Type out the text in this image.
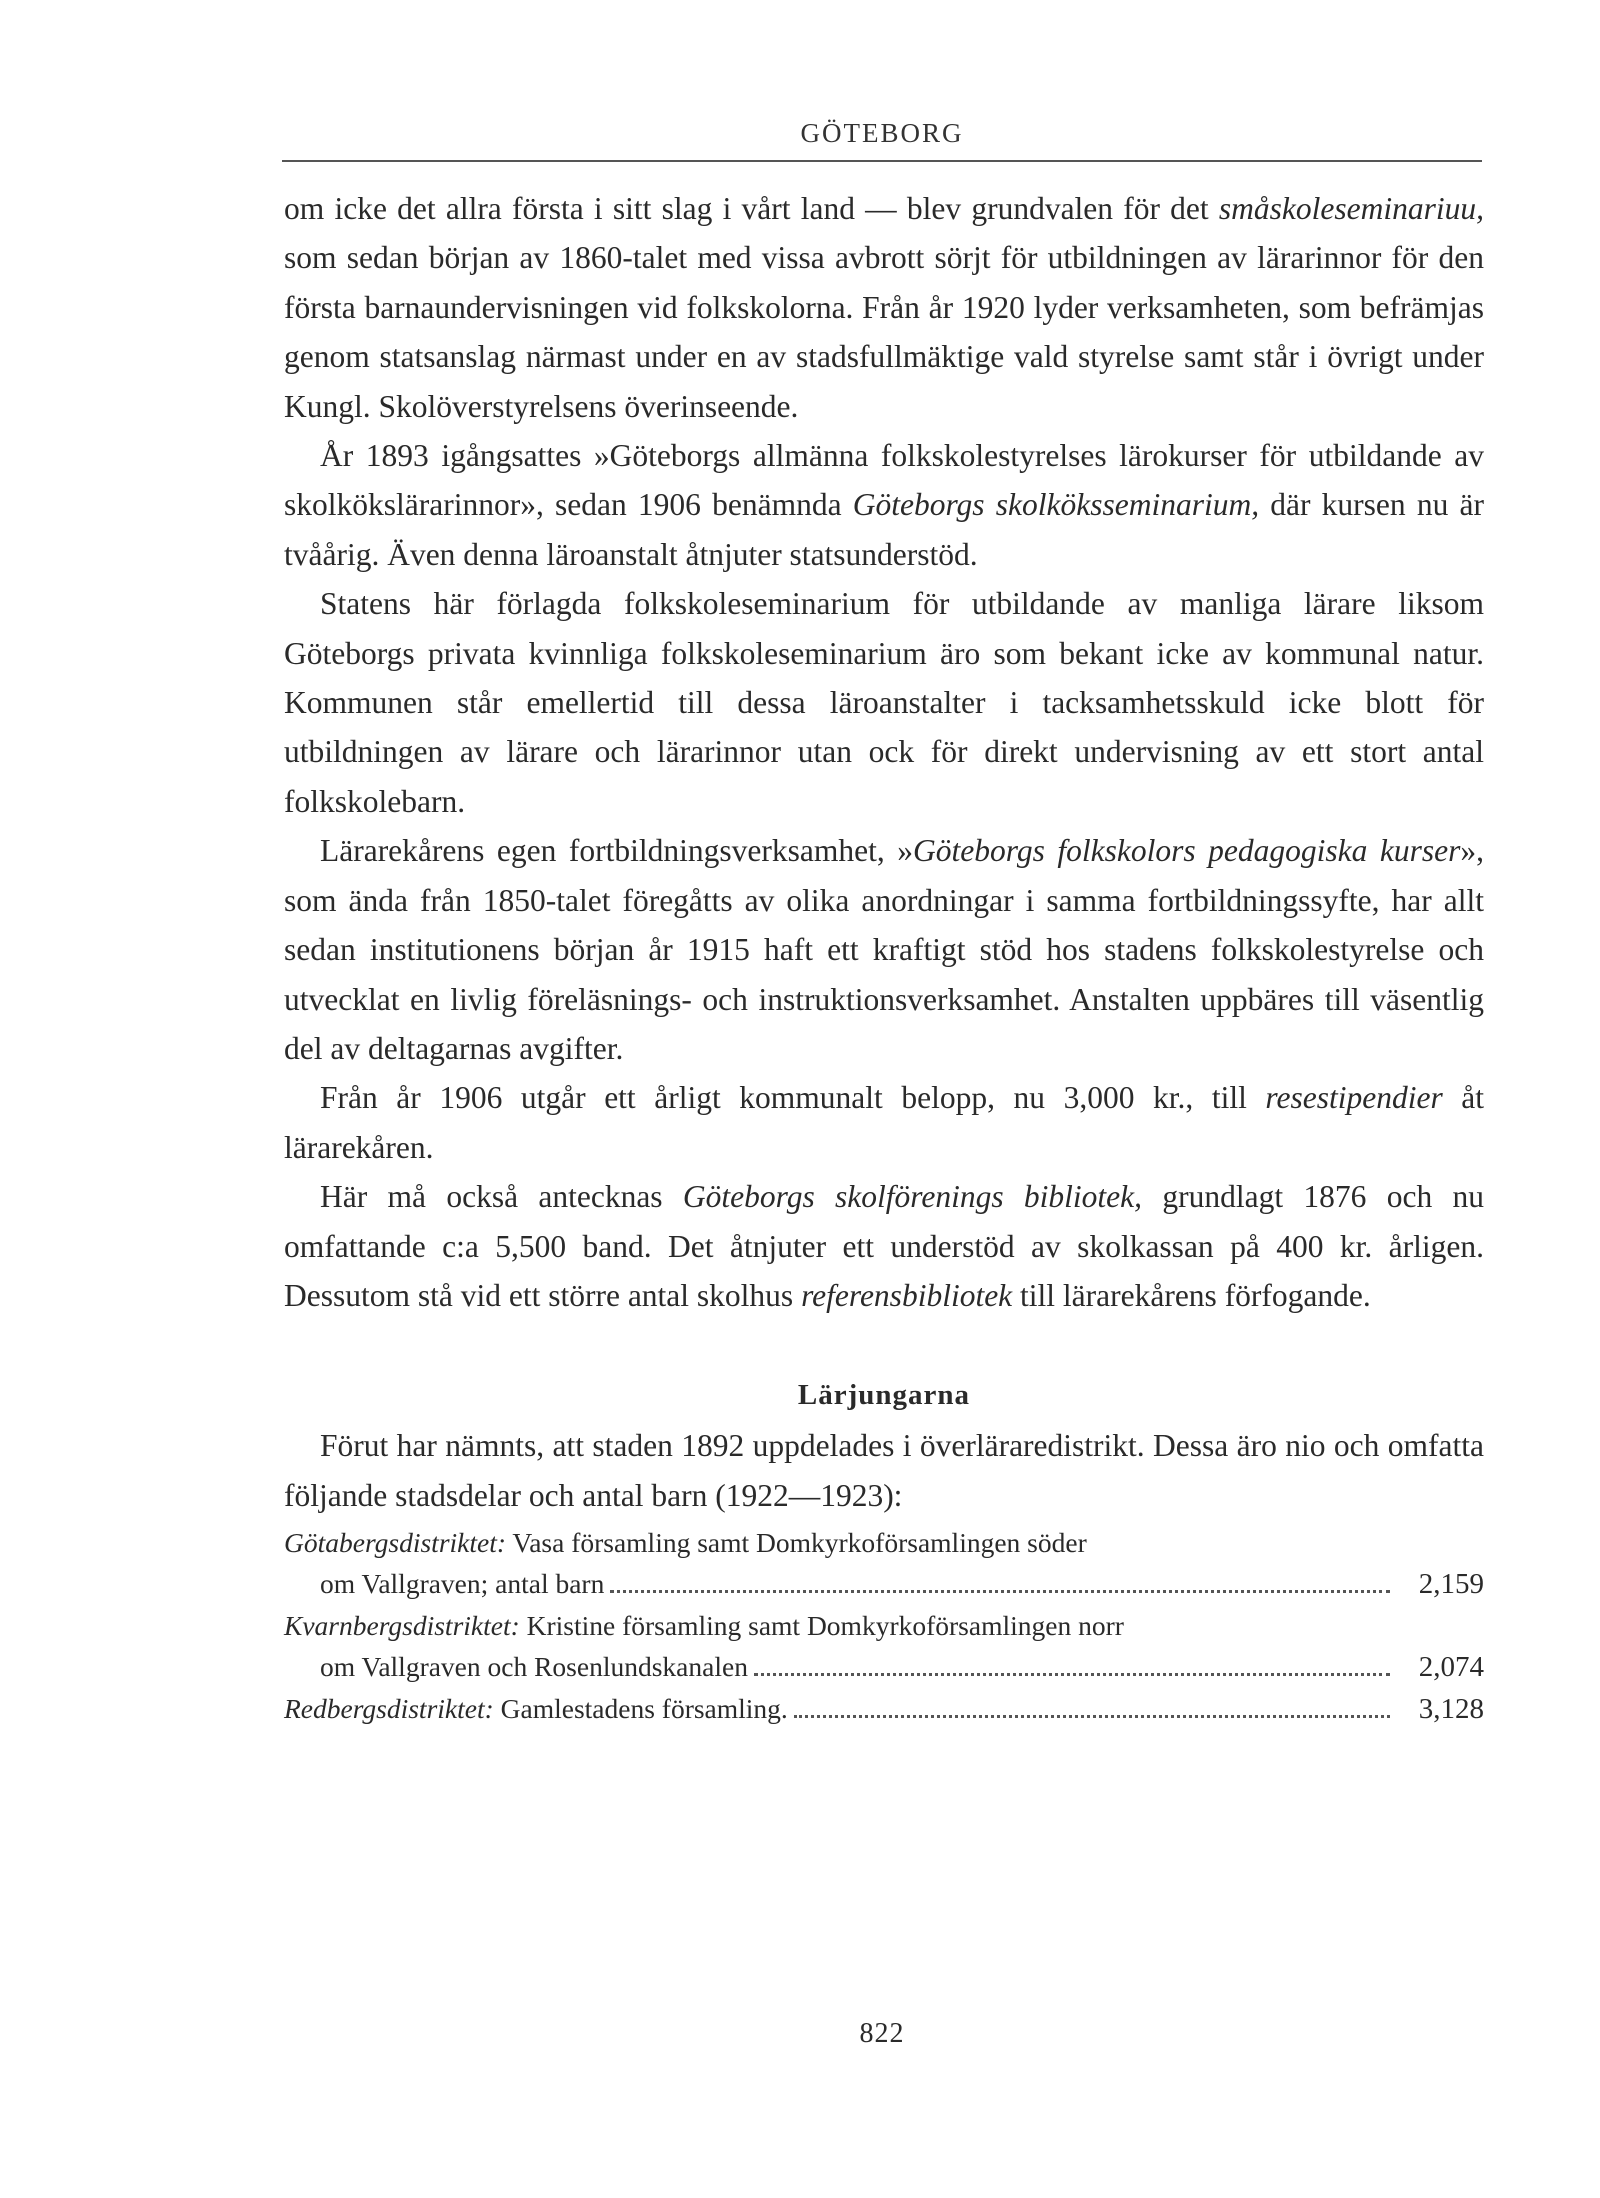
GÖTEBORG

om icke det allra första i sitt slag i vårt land — blev grundvalen för det småskoleseminariuu, som sedan början av 1860-talet med vissa avbrott sörjt för utbildningen av lärarinnor för den första barnaundervisningen vid folkskolorna. Från år 1920 lyder verksamheten, som befrämjas genom statsanslag närmast under en av stadsfullmäktige vald styrelse samt står i övrigt under Kungl. Skolöverstyrelsens överinseende.

År 1893 igångsattes »Göteborgs allmänna folkskolestyrelses lärokurser för utbildande av skolkökslärarinnor», sedan 1906 benämnda Göteborgs skolköksseminarium, där kursen nu är tvåårig. Även denna läroanstalt åtnjuter statsunderstöd.

Statens här förlagda folkskoleseminarium för utbildande av manliga lärare liksom Göteborgs privata kvinnliga folkskoleseminarium äro som bekant icke av kommunal natur. Kommunen står emellertid till dessa läroanstalter i tacksamhetsskuld icke blott för utbildningen av lärare och lärarinnor utan ock för direkt undervisning av ett stort antal folkskolebarn.

Lärarekårens egen fortbildningsverksamhet, »Göteborgs folkskolors pedagogiska kurser», som ända från 1850-talet föregåtts av olika anordningar i samma fortbildningssyfte, har allt sedan institutionens början år 1915 haft ett kraftigt stöd hos stadens folkskolestyrelse och utvecklat en livlig föreläsnings- och instruktionsverksamhet. Anstalten uppbäres till väsentlig del av deltagarnas avgifter.

Från år 1906 utgår ett årligt kommunalt belopp, nu 3,000 kr., till resestipendier åt lärarekåren.

Här må också antecknas Göteborgs skolförenings bibliotek, grundlagt 1876 och nu omfattande c:a 5,500 band. Det åtnjuter ett understöd av skolkassan på 400 kr. årligen. Dessutom stå vid ett större antal skolhus referensbibliotek till lärarekårens förfogande.

Lärjungarna

Förut har nämnts, att staden 1892 uppdelades i överläraredistrikt. Dessa äro nio och omfatta följande stadsdelar och antal barn (1922—1923):

Götabergsdistriktet: Vasa församling samt Domkyrkoförsamlingen söder
om Vallgraven; antal barn	2,159
Kvarnbergsdistriktet: Kristine församling samt Domkyrkoförsamlingen norr
om Vallgraven och Rosenlundskanalen	2,074
Redbergsdistriktet: Gamlestadens församling.	3,128
822
